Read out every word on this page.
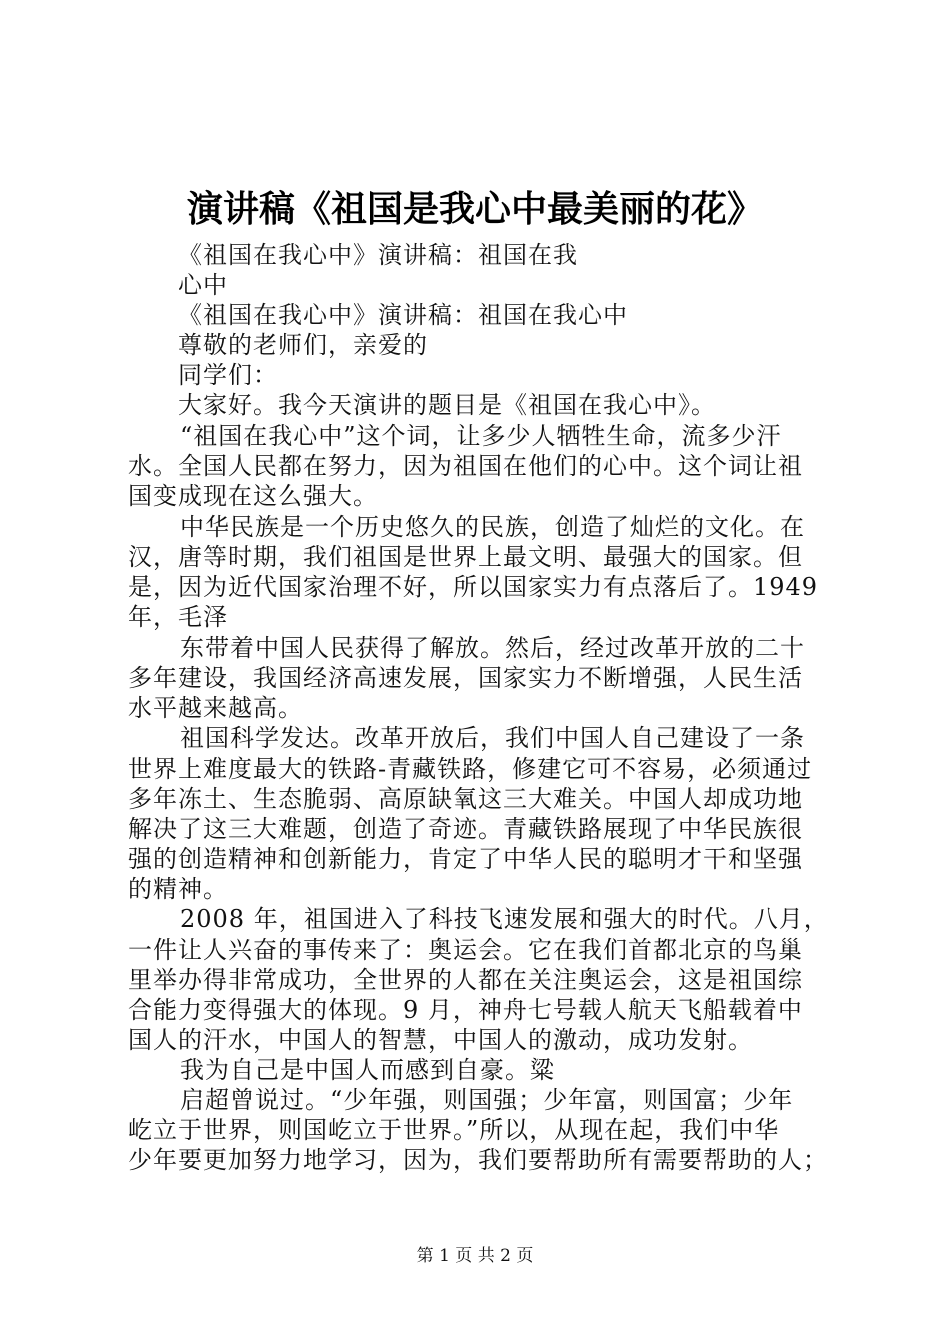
演讲稿《祖国是我心中最美丽的花》
《祖国在我心中》演讲稿：祖国在我
心中
《祖国在我心中》演讲稿：祖国在我心中
尊敬的老师们，亲爱的
同学们：
大家好。我今天演讲的题目是《祖国在我心中》。
“祖国在我心中”这个词，让多少人牺牲生命，流多少汗
水。全国人民都在努力，因为祖国在他们的心中。这个词让祖
国变成现在这么强大。
中华民族是一个历史悠久的民族，创造了灿烂的文化。在
汉，唐等时期，我们祖国是世界上最文明、最强大的国家。但
是，因为近代国家治理不好，所以国家实力有点落后了。1949
年，毛泽
东带着中国人民获得了解放。然后，经过改革开放的二十
多年建设，我国经济高速发展，国家实力不断增强，人民生活
水平越来越高。
祖国科学发达。改革开放后，我们中国人自己建设了一条
世界上难度最大的铁路-青藏铁路，修建它可不容易，必须通过
多年冻土、生态脆弱、高原缺氧这三大难关。中国人却成功地
解决了这三大难题，创造了奇迹。青藏铁路展现了中华民族很
强的创造精神和创新能力，肯定了中华人民的聪明才干和坚强
的精神。
2008 年，祖国进入了科技飞速发展和强大的时代。八月，
一件让人兴奋的事传来了：奥运会。它在我们首都北京的鸟巢
里举办得非常成功，全世界的人都在关注奥运会，这是祖国综
合能力变得强大的体现。9 月，神舟七号载人航天飞船载着中
国人的汗水，中国人的智慧，中国人的激动，成功发射。
我为自己是中国人而感到自豪。粱
启超曾说过。“少年强，则国强；少年富，则国富；少年
屹立于世界，则国屹立于世界。”所以，从现在起，我们中华
少年要更加努力地学习，因为，我们要帮助所有需要帮助的人；
第 1 页 共 2 页
